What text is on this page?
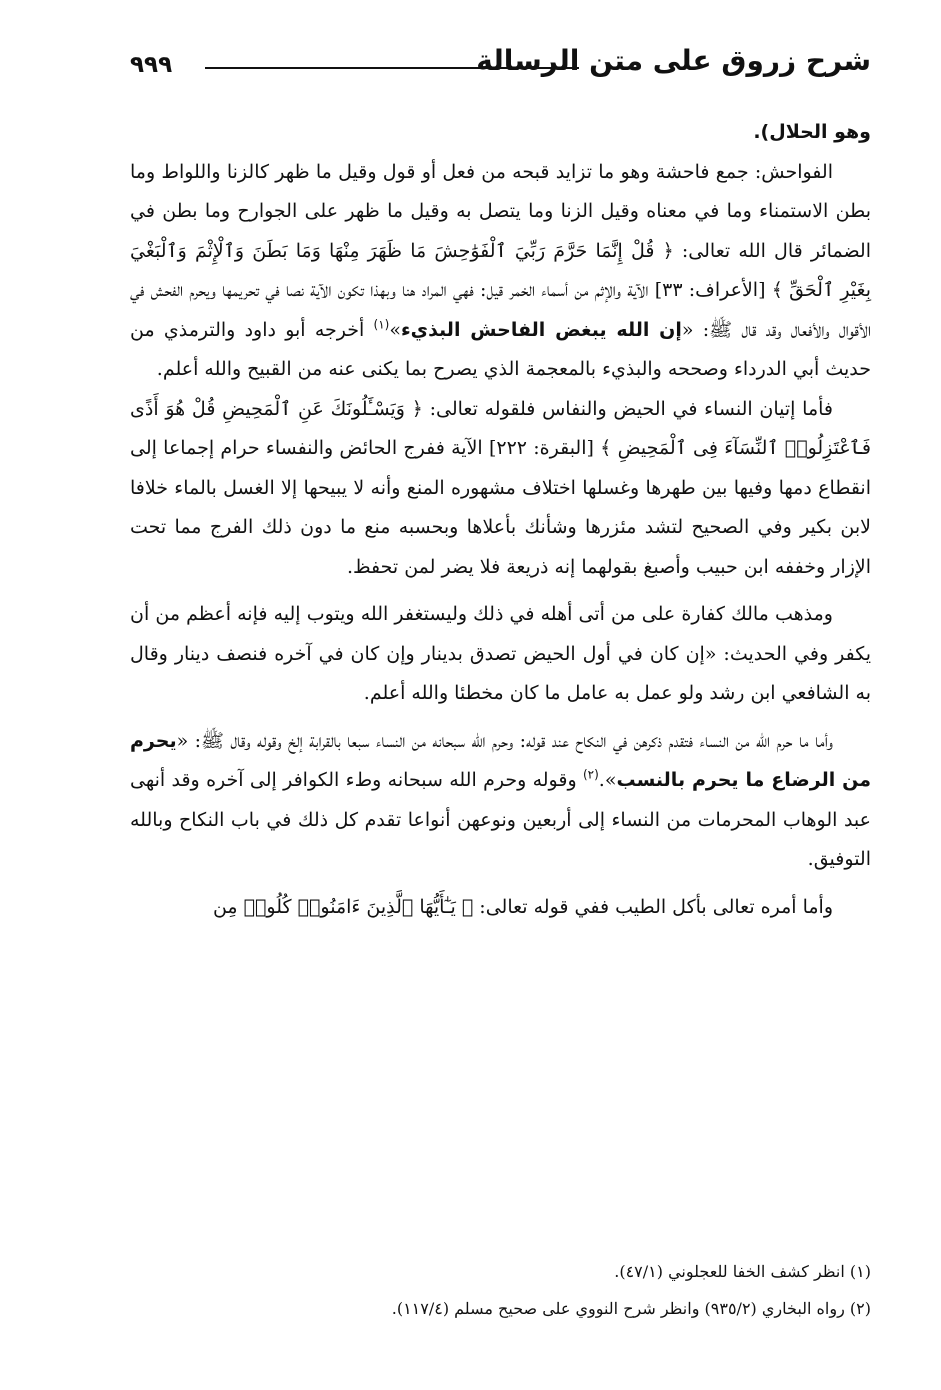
٩٩٩	شرح زروق على متن الرسالة

وهو الحلال).

الفواحش: جمع فاحشة وهو ما تزايد قبحه من فعل أو قول وقيل ما ظهر كالزنا واللواط وما بطن الاستمناء وما في معناه وقيل الزنا وما يتصل به وقيل ما ظهر على الجوارح وما بطن في الضمائر قال الله تعالى: ﴿ قُلْ إِنَّمَا حَرَّمَ رَبِّيَ ٱلْفَوَٰحِشَ مَا ظَهَرَ مِنْهَا وَمَا بَطَنَ وَٱلْإِثْمَ وَٱلْبَغْيَ بِغَيْرِ ٱلْحَقِّ ﴾ [الأعراف: ٣٣] الآية والإثم من أسماء الخمر قيل: فهي المراد هنا وبهذا تكون الآية نصا في تحريمها ويحرم الفحش في الأقوال والأفعال وقد قال ﷺ: «إن الله يبغض الفاحش البذيء»$^{(١)}$ أخرجه أبو داود والترمذي من حديث أبي الدرداء وصححه والبذيء بالمعجمة الذي يصرح بما يكنى عنه من القبيح والله أعلم.

فأما إتيان النساء في الحيض والنفاس فلقوله تعالى: ﴿ وَيَسْـَٔلُونَكَ عَنِ ٱلْمَحِيضِ قُلْ هُوَ أَذًى فَٱعْتَزِلُوا۟ ٱلنِّسَآءَ فِى ٱلْمَحِيضِ ﴾ [البقرة: ٢٢٢] الآية ففرج الحائض والنفساء حرام إجماعا إلى انقطاع دمها وفيها بين طهرها وغسلها اختلاف مشهوره المنع وأنه لا يبيحها إلا الغسل بالماء خلافا لابن بكير وفي الصحيح لتشد مئزرها وشأنك بأعلاها وبحسبه منع ما دون ذلك الفرج مما تحت الإزار وخففه ابن حبيب وأصبغ بقولهما إنه ذريعة فلا يضر لمن تحفظ.

ومذهب مالك كفارة على من أتى أهله في ذلك وليستغفر الله ويتوب إليه فإنه أعظم من أن يكفر وفي الحديث: «إن كان في أول الحيض تصدق بدينار وإن كان في آخره فنصف دينار وقال به الشافعي ابن رشد ولو عمل به عامل ما كان مخطئا والله أعلم.

وأما ما حرم الله من النساء فتقدم ذكرهن في النكاح عند قوله: وحرم الله سبحانه من النساء سبعا بالقرابة إلخ وقوله وقال ﷺ: «يحرم من الرضاع ما يحرم بالنسب».$^{(٢)}$ وقوله وحرم الله سبحانه وطء الكوافر إلى آخره وقد أنهى عبد الوهاب المحرمات من النساء إلى أربعين ونوعهن أنواعا تقدم كل ذلك في باب النكاح وبالله التوفيق.

وأما أمره تعالى بأكل الطيب ففي قوله تعالى: ﴿ يَـٰٓأَيُّهَا ٱلَّذِينَ ءَامَنُوا۟ كُلُوا۟ مِن

(١) انظر كشف الخفا للعجلوني (٤٧/١).

(٢) رواه البخاري (٩٣٥/٢) وانظر شرح النووي على صحيح مسلم (١١٧/٤).
